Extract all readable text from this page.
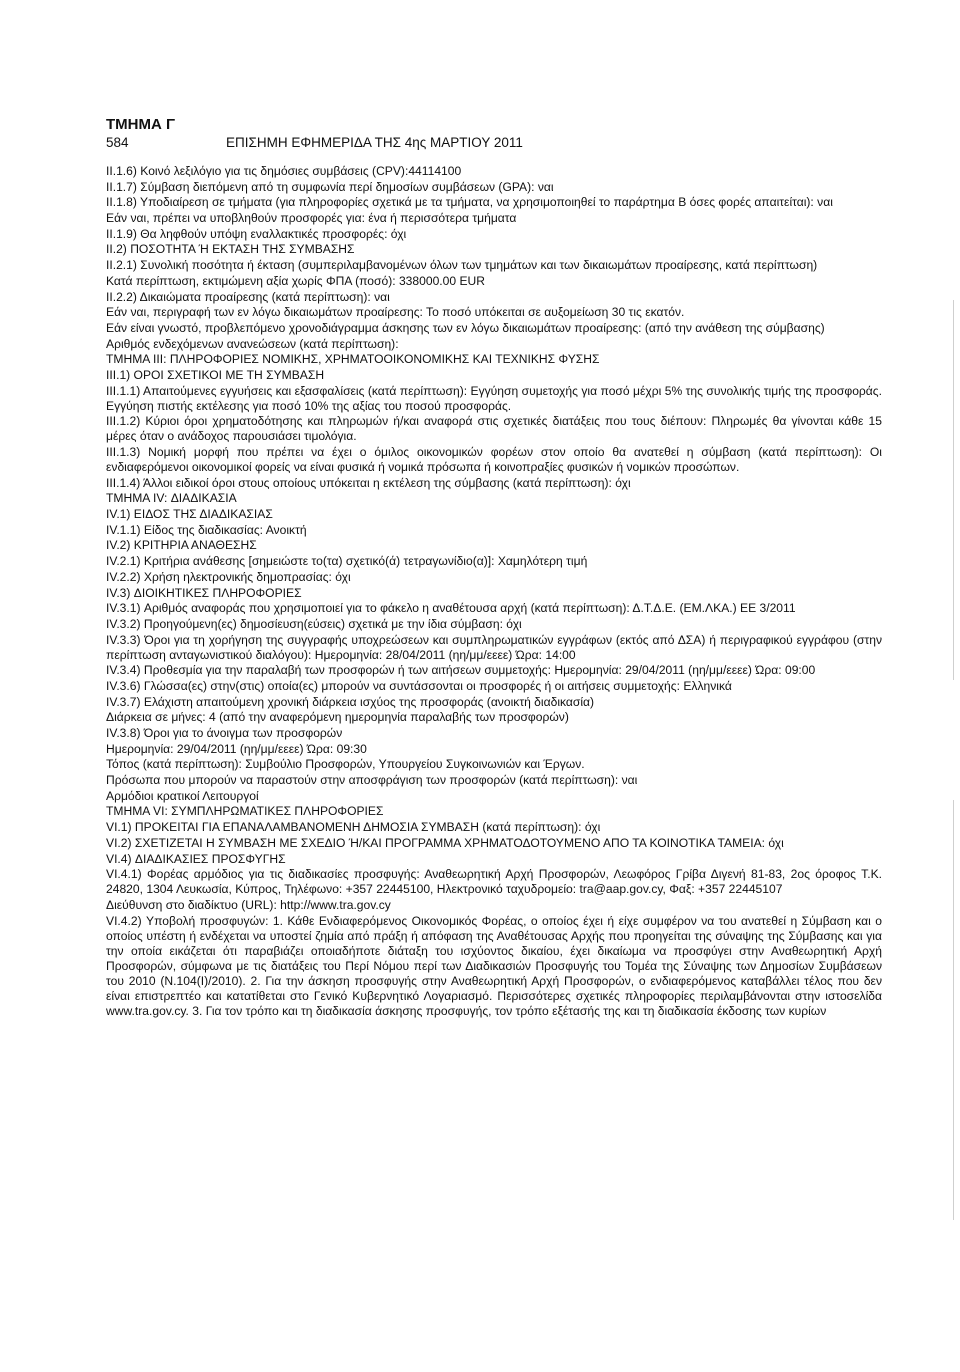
ΤΜΗΜΑ Γ

584	ΕΠΙΣΗΜΗ ΕΦΗΜΕΡΙΔΑ ΤΗΣ 4ης ΜΑΡΤΙΟΥ 2011

ΙΙ.1.6) Κοινό λεξιλόγιο για τις δημόσιες συμβάσεις (CPV):44114100

ΙΙ.1.7) Σύμβαση διεπόμενη από τη συμφωνία περί δημοσίων συμβάσεων (GPA): ναι

ΙΙ.1.8) Υποδιαίρεση σε τμήματα (για πληροφορίες σχετικά με τα τμήματα, να χρησιμοποιηθεί το παράρτημα Β όσες φορές απαιτείται): ναι

Εάν ναι, πρέπει να υποβληθούν προσφορές για: ένα ή περισσότερα τμήματα

ΙΙ.1.9) Θα ληφθούν υπόψη εναλλακτικές προσφορές: όχι

ΙΙ.2) ΠΟΣΟΤΗΤΑ Ή ΕΚΤΑΣΗ ΤΗΣ ΣΥΜΒΑΣΗΣ

ΙΙ.2.1) Συνολική ποσότητα ή έκταση (συμπεριλαμβανομένων όλων των τμημάτων και των δικαιωμάτων προαίρεσης, κατά περίπτωση)

Κατά περίπτωση, εκτιμώμενη αξία χωρίς ΦΠΑ (ποσό): 338000.00 EUR

ΙΙ.2.2) Δικαιώματα προαίρεσης (κατά περίπτωση): ναι

Εάν ναι, περιγραφή των εν λόγω δικαιωμάτων προαίρεσης: Το ποσό υπόκειται σε αυξομείωση 30 τις εκατόν.

Εάν είναι γνωστό, προβλεπόμενο χρονοδιάγραμμα άσκησης των εν λόγω δικαιωμάτων προαίρεσης: (από την ανάθεση της σύμβασης)

Αριθμός ενδεχόμενων ανανεώσεων (κατά περίπτωση):

ΤΜΗΜΑ ΙΙΙ: ΠΛΗΡΟΦΟΡΙΕΣ ΝΟΜΙΚΗΣ, ΧΡΗΜΑΤΟΟΙΚΟΝΟΜΙΚΗΣ ΚΑΙ ΤΕΧΝΙΚΗΣ ΦΥΣΗΣ

ΙΙΙ.1) ΟΡΟΙ ΣΧΕΤΙΚΟΙ ΜΕ ΤΗ ΣΥΜΒΑΣΗ

ΙΙΙ.1.1) Απαιτούμενες εγγυήσεις και εξασφαλίσεις (κατά περίπτωση): Εγγύηση συμετοχής για ποσό μέχρι 5% της συνολικής τιμής της προσφοράς. Εγγύηση πιστής εκτέλεσης για ποσό 10% της αξίας του ποσού προσφοράς.

ΙΙΙ.1.2) Κύριοι όροι χρηματοδότησης και πληρωμών ή/και αναφορά στις σχετικές διατάξεις που τους διέπουν: Πληρωμές θα γίνονται κάθε 15 μέρες όταν ο ανάδοχος παρουσιάσει τιμολόγια.

ΙΙΙ.1.3) Νομική μορφή που πρέπει να έχει ο όμιλος οικονομικών φορέων στον οποίο θα ανατεθεί η σύμβαση (κατά περίπτωση): Οι ενδιαφερόμενοι οικονομικοί φορείς να είναι φυσικά ή νομικά πρόσωπα ή κοινοπραξίες φυσικών ή νομικών προσώπων.

ΙΙΙ.1.4) Άλλοι ειδικοί όροι στους οποίους υπόκειται η εκτέλεση της σύμβασης (κατά περίπτωση): όχι

ΤΜΗΜΑ ΙV: ΔΙΑΔΙΚΑΣΙΑ

IV.1) ΕΙΔΟΣ ΤΗΣ ΔΙΑΔΙΚΑΣΙΑΣ

IV.1.1) Είδος της διαδικασίας: Ανοικτή

IV.2) ΚΡΙΤΗΡΙΑ ΑΝΑΘΕΣΗΣ

IV.2.1) Κριτήρια ανάθεσης [σημειώστε το(τα) σχετικό(ά) τετραγωνίδιο(α)]: Χαμηλότερη τιμή

IV.2.2) Χρήση ηλεκτρονικής δημοπρασίας: όχι

IV.3) ΔΙΟΙΚΗΤΙΚΕΣ ΠΛΗΡΟΦΟΡΙΕΣ

IV.3.1) Αριθμός αναφοράς που χρησιμοποιεί για το φάκελο η αναθέτουσα αρχή (κατά περίπτωση): Δ.Τ.Δ.Ε. (ΕΜ.ΛΚΑ.) ΕΕ 3/2011

IV.3.2) Προηγούμενη(ες) δημοσίευση(εύσεις) σχετικά με την ίδια σύμβαση: όχι

IV.3.3) Όροι για τη χορήγηση της συγγραφής υποχρεώσεων και συμπληρωματικών εγγράφων (εκτός από ΔΣΑ) ή περιγραφικού εγγράφου (στην περίπτωση ανταγωνιστικού διαλόγου): Ημερομηνία: 28/04/2011 (ηη/μμ/εεεε) Ώρα: 14:00

IV.3.4) Προθεσμία για την παραλαβή των προσφορών ή των αιτήσεων συμμετοχής: Ημερομηνία: 29/04/2011 (ηη/μμ/εεεε) Ώρα: 09:00

IV.3.6) Γλώσσα(ες) στην(στις) οποία(ες) μπορούν να συντάσσονται οι προσφορές ή οι αιτήσεις συμμετοχής: Ελληνικά

IV.3.7) Ελάχιστη απαιτούμενη χρονική διάρκεια ισχύος της προσφοράς (ανοικτή διαδικασία)

Διάρκεια σε μήνες: 4 (από την αναφερόμενη ημερομηνία παραλαβής των προσφορών)

IV.3.8) Όροι για το άνοιγμα των προσφορών

Ημερομηνία: 29/04/2011 (ηη/μμ/εεεε) Ώρα: 09:30

Τόπος (κατά περίπτωση): Συμβούλιο Προσφορών, Υπουργείου Συγκοινωνιών και Έργων.

Πρόσωπα που μπορούν να παραστούν στην αποσφράγιση των προσφορών (κατά περίπτωση): ναι

Αρμόδιοι κρατικοί Λειτουργοί

ΤΜΗΜΑ VΙ: ΣΥΜΠΛΗΡΩΜΑΤΙΚΕΣ ΠΛΗΡΟΦΟΡΙΕΣ

VI.1) ΠΡΟΚΕΙΤΑΙ ΓΙΑ ΕΠΑΝΑΛΑΜΒΑΝΟΜΕΝΗ ΔΗΜΟΣΙΑ ΣΥΜΒΑΣΗ (κατά περίπτωση): όχι

VI.2) ΣΧΕΤΙΖΕΤΑΙ Η ΣΥΜΒΑΣΗ ΜΕ ΣΧΕΔΙΟ Ή/ΚΑΙ ΠΡΟΓΡΑΜΜΑ ΧΡΗΜΑΤΟΔΟΤΟΥΜΕΝΟ ΑΠΟ ΤΑ ΚΟΙΝΟΤΙΚΑ ΤΑΜΕΙΑ: όχι

VI.4) ΔΙΑΔΙΚΑΣΙΕΣ ΠΡΟΣΦΥΓΗΣ

VI.4.1) Φορέας αρμόδιος για τις διαδικασίες προσφυγής: Αναθεωρητική Αρχή Προσφορών, Λεωφόρος Γρίβα Διγενή 81-83, 2ος όροφος Τ.Κ. 24820, 1304 Λευκωσία, Κύπρος, Τηλέφωνο: +357 22445100, Ηλεκτρονικό ταχυδρομείο: tra@aap.gov.cy, Φαξ: +357 22445107

Διεύθυνση στο διαδίκτυο (URL): http://www.tra.gov.cy

VI.4.2) Υποβολή προσφυγών: 1. Κάθε Ενδιαφερόμενος Οικονομικός Φορέας, ο οποίος έχει ή είχε συμφέρον να του ανατεθεί η Σύμβαση και ο οποίος υπέστη ή ενδέχεται να υποστεί ζημία από πράξη ή απόφαση της Αναθέτουσας Αρχής που προηγείται της σύναψης της Σύμβασης και για την οποία εικάζεται ότι παραβιάζει οποιαδήποτε διάταξη του ισχύοντος δικαίου, έχει δικαίωμα να προσφύγει στην Αναθεωρητική Αρχή Προσφορών, σύμφωνα με τις διατάξεις του Περί Νόμου περί των Διαδικασιών Προσφυγής του Τομέα της Σύναψης των Δημοσίων Συμβάσεων του 2010 (N.104(I)/2010). 2. Για την άσκηση προσφυγής στην Αναθεωρητική Αρχή Προσφορών, ο ενδιαφερόμενος καταβάλλει τέλος που δεν είναι επιστρεπτέο και κατατίθεται στο Γενικό Κυβερνητικό Λογαριασμό. Περισσότερες σχετικές πληροφορίες περιλαμβάνονται στην ιστοσελίδα www.tra.gov.cy. 3. Για τον τρόπο και τη διαδικασία άσκησης προσφυγής, τον τρόπο εξέτασής της και τη διαδικασία έκδοσης των κυρίων
